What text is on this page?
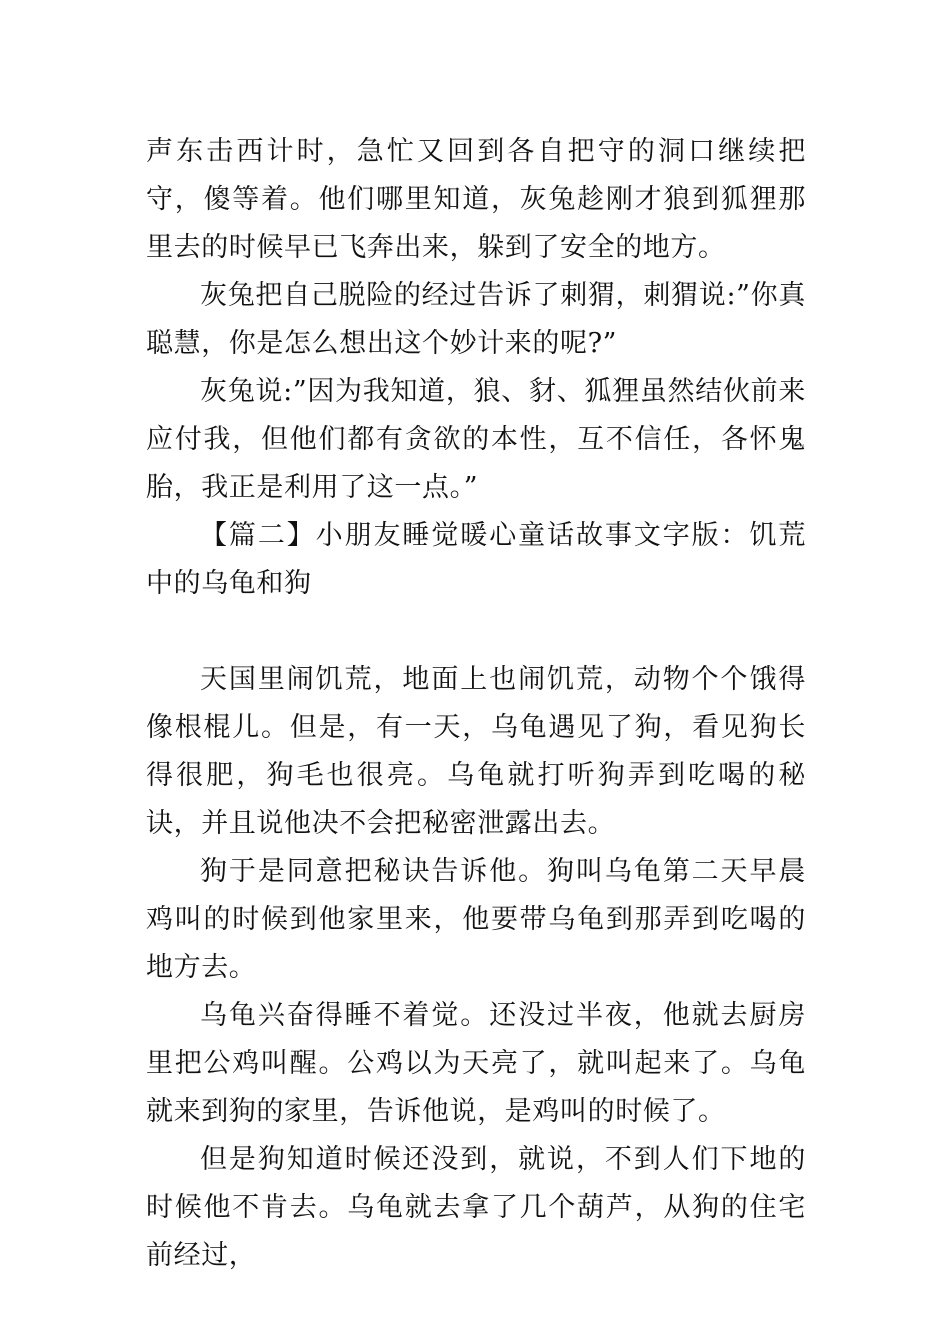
声东击西计时，急忙又回到各自把守的洞口继续把守，傻等着。他们哪里知道，灰兔趁刚才狼到狐狸那里去的时候早已飞奔出来，躲到了安全的地方。

灰兔把自己脱险的经过告诉了刺猬，刺猬说:”你真聪慧，你是怎么想出这个妙计来的呢?”

灰兔说:”因为我知道，狼、豺、狐狸虽然结伙前来应付我，但他们都有贪欲的本性，互不信任，各怀鬼胎，我正是利用了这一点。”

【篇二】小朋友睡觉暖心童话故事文字版：饥荒中的乌龟和狗

天国里闹饥荒，地面上也闹饥荒，动物个个饿得像根棍儿。但是，有一天，乌龟遇见了狗，看见狗长得很肥，狗毛也很亮。乌龟就打听狗弄到吃喝的秘诀，并且说他决不会把秘密泄露出去。

狗于是同意把秘诀告诉他。狗叫乌龟第二天早晨鸡叫的时候到他家里来，他要带乌龟到那弄到吃喝的地方去。

乌龟兴奋得睡不着觉。还没过半夜，他就去厨房里把公鸡叫醒。公鸡以为天亮了，就叫起来了。乌龟就来到狗的家里，告诉他说，是鸡叫的时候了。

但是狗知道时候还没到，就说，不到人们下地的时候他不肯去。乌龟就去拿了几个葫芦，从狗的住宅前经过，
